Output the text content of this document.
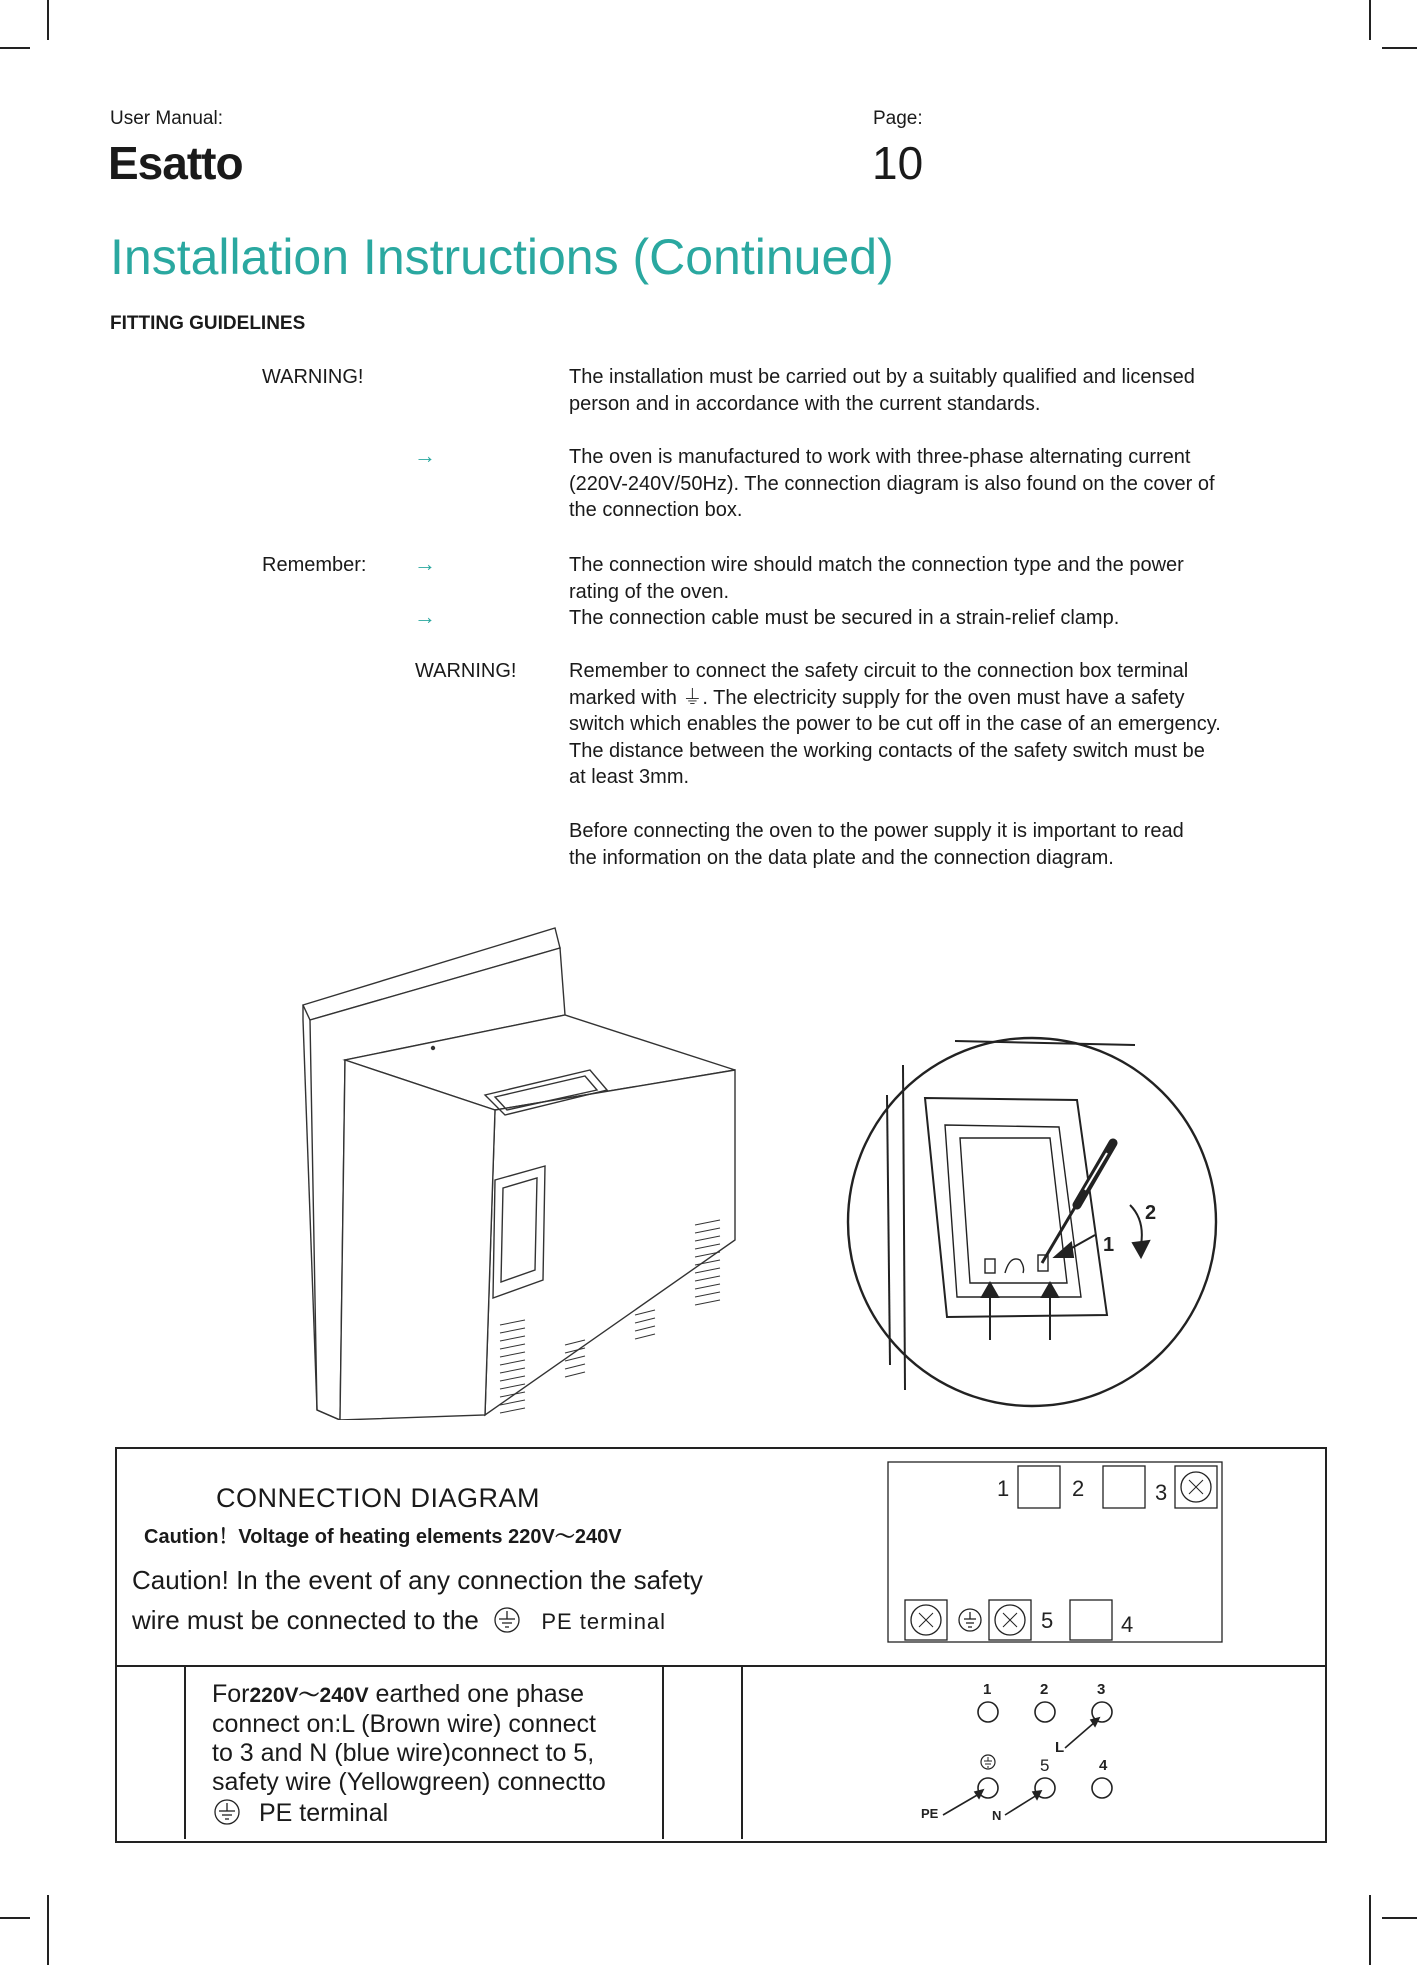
User Manual:
Esatto
Page:
10
Installation Instructions (Continued)
FITTING GUIDELINES
WARNING!	The installation must be carried out by a suitably qualified and licensed
person and in accordance with the current standards.
→	The oven is manufactured to work with three-phase alternating current
(220V-240V/50Hz). The connection diagram is also found on the cover of
the connection box.
Remember: →	The connection wire should match the connection type and the power
rating of the oven.
→	The connection cable must be secured in a strain-relief clamp.
WARNING!	Remember to connect the safety circuit to the connection box terminal
marked with ⏚. The electricity supply for the oven must have a safety
switch which enables the power to be cut off in the case of an emergency.
The distance between the working contacts of the safety switch must be
at least 3mm.
Before connecting the oven to the power supply it is important to read
the information on the data plate and the connection diagram.
1
2
CONNECTION DIAGRAM
Caution！Voltage of heating elements 220V～240V
Caution! In the event of any connection the safety
wire must be connected to the	PE terminal
1	2	3
5	4
For220V～240V earthed one phase
connect on:L (Brown wire) connect
to 3 and N (blue wire)connect to 5,
safety wire (Yellowgreen) connectto
PE terminal
1	2	3
4
L
PE	N
5
